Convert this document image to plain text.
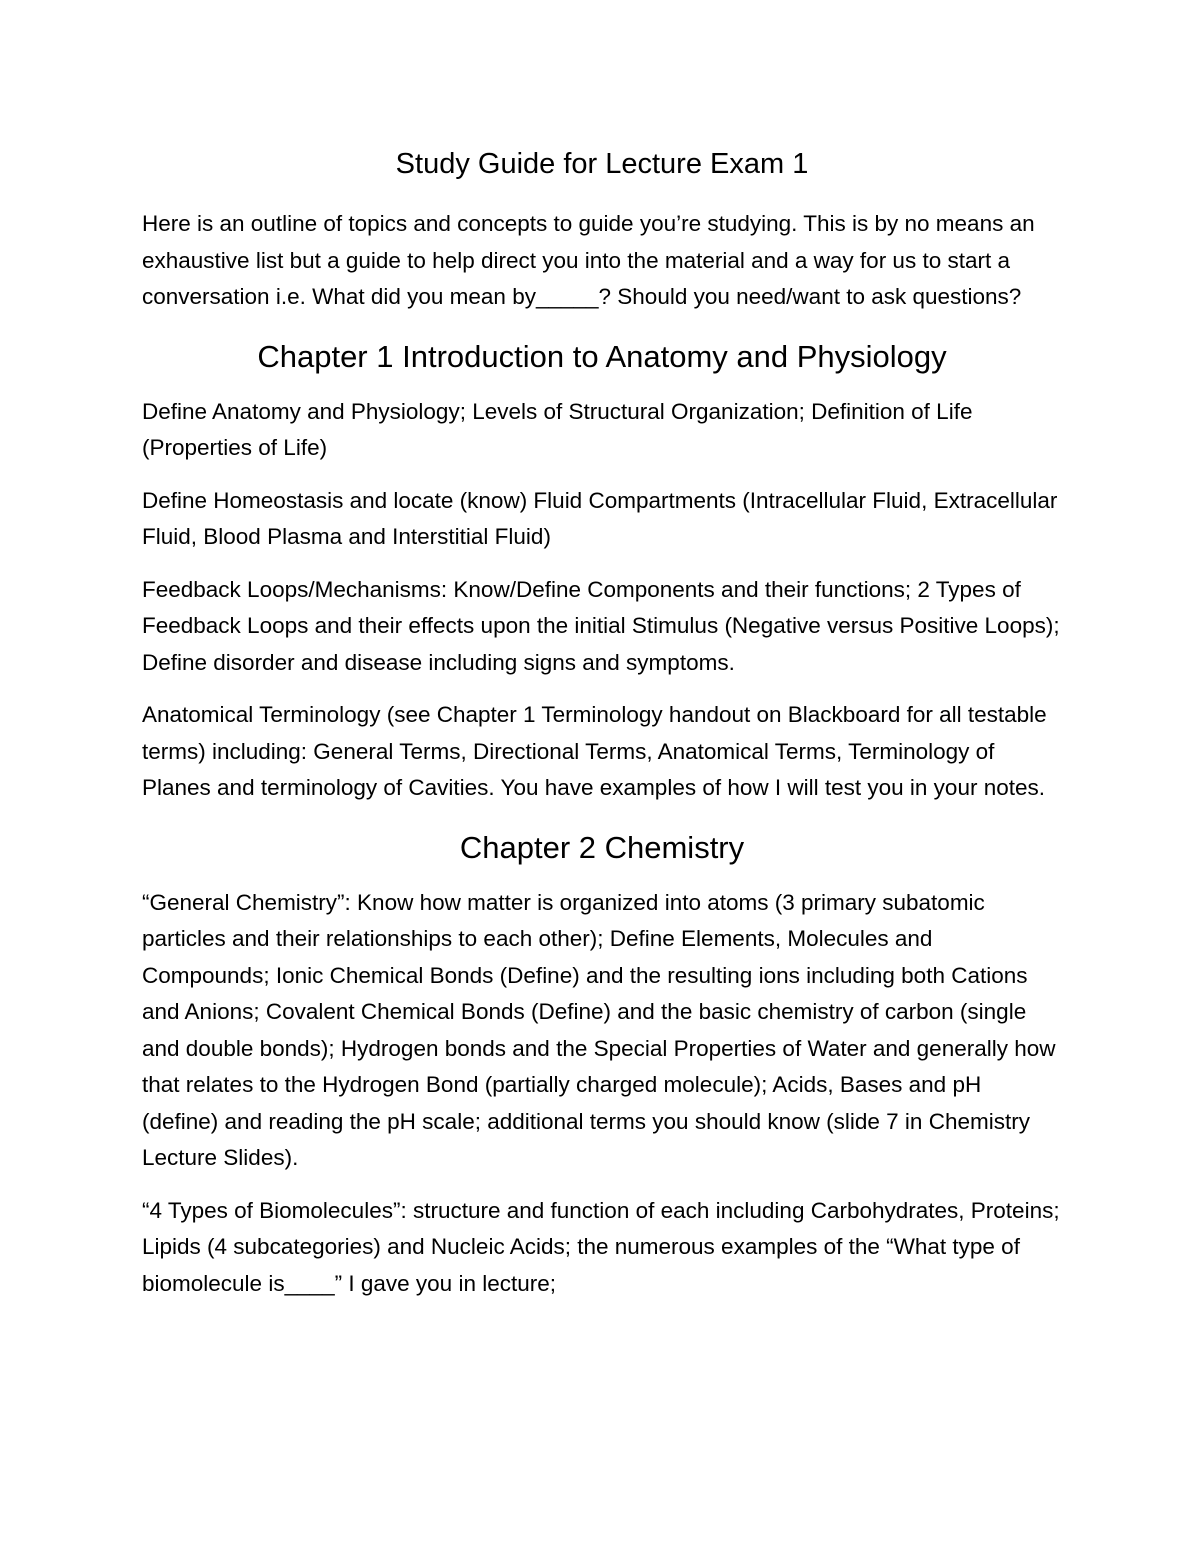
Study Guide for Lecture Exam 1

Here is an outline of topics and concepts to guide you’re studying. This is by no means an exhaustive list but a guide to help direct you into the material and a way for us to start a conversation i.e. What did you mean by_____? Should you need/want to ask questions?

Chapter 1 Introduction to Anatomy and Physiology

Define Anatomy and Physiology; Levels of Structural Organization; Definition of Life (Properties of Life)

Define Homeostasis and locate (know) Fluid Compartments (Intracellular Fluid, Extracellular Fluid, Blood Plasma and Interstitial Fluid)

Feedback Loops/Mechanisms: Know/Define Components and their functions; 2 Types of Feedback Loops and their effects upon the initial Stimulus (Negative versus Positive Loops); Define disorder and disease including signs and symptoms.

Anatomical Terminology (see Chapter 1 Terminology handout on Blackboard for all testable terms) including: General Terms, Directional Terms, Anatomical Terms, Terminology of Planes and terminology of Cavities. You have examples of how I will test you in your notes.

Chapter 2 Chemistry

“General Chemistry”: Know how matter is organized into atoms (3 primary subatomic particles and their relationships to each other); Define Elements, Molecules and Compounds; Ionic Chemical Bonds (Define) and the resulting ions including both Cations and Anions; Covalent Chemical Bonds (Define) and the basic chemistry of carbon (single and double bonds); Hydrogen bonds and the Special Properties of Water and generally how that relates to the Hydrogen Bond (partially charged molecule); Acids, Bases and pH (define) and reading the pH scale; additional terms you should know (slide 7 in Chemistry Lecture Slides).

“4 Types of Biomolecules”: structure and function of each including Carbohydrates, Proteins; Lipids (4 subcategories) and Nucleic Acids; the numerous examples of the “What type of biomolecule is____” I gave you in lecture;
